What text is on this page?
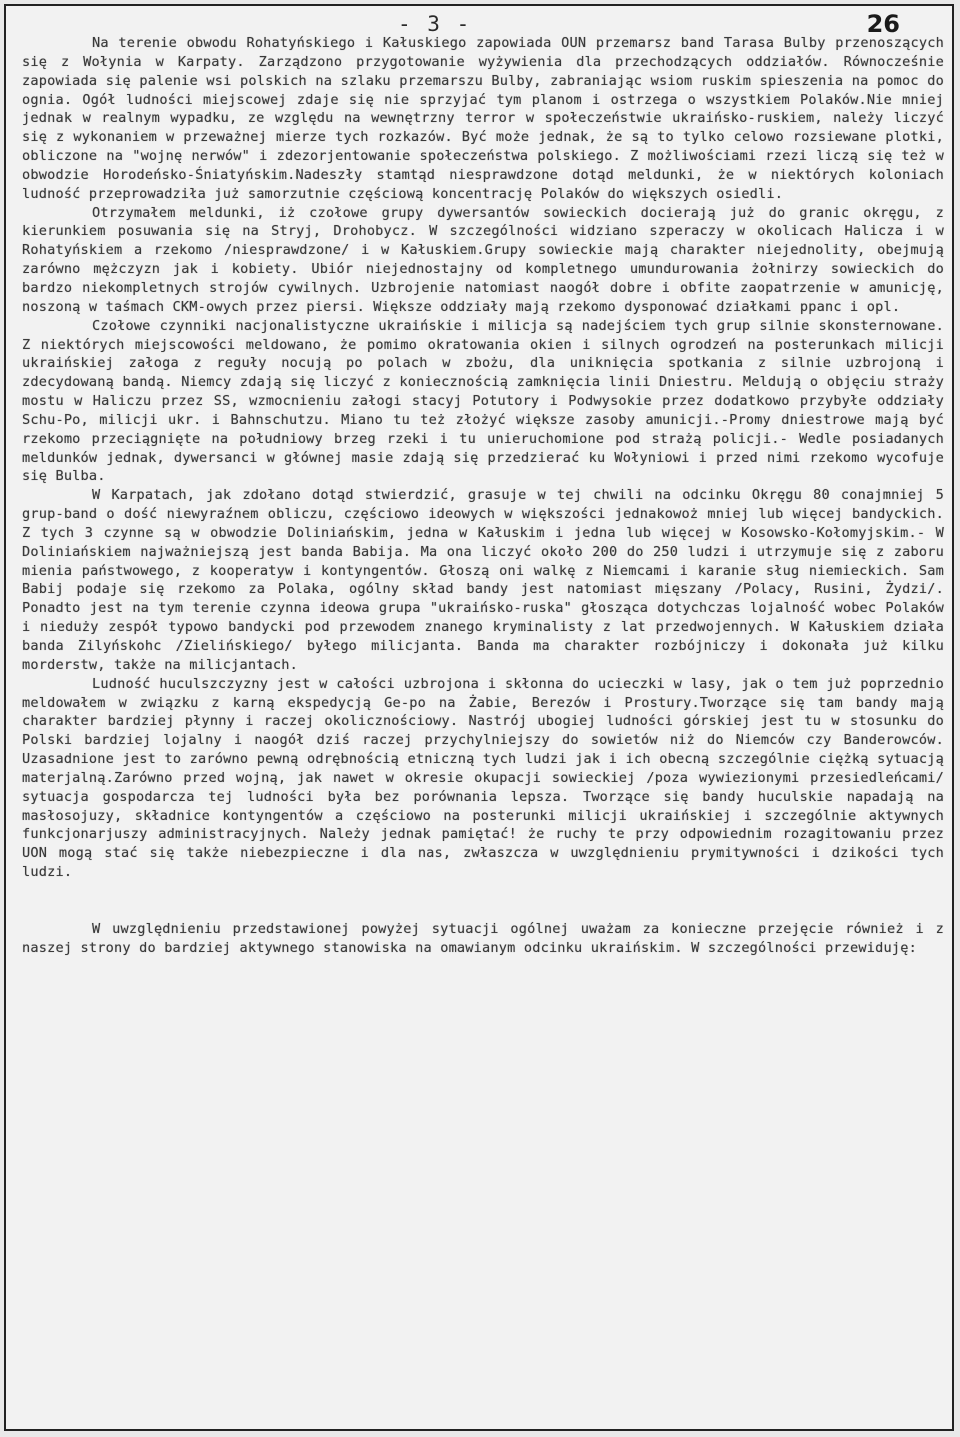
- 3 -	26

Na terenie obwodu Rohatyńskiego i Kałuskiego zapowiada OUN przemarsz band Tarasa Bulby przenoszących się z Wołynia w Karpaty. Zarządzono przygotowanie wyżywienia dla przechodzących oddziałów. Równocześnie zapowiada się palenie wsi polskich na szlaku przemarszu Bulby, zabraniając wsiom ruskim spieszenia na pomoc do ognia. Ogół ludności miejscowej zdaje się nie sprzyjać tym planom i ostrzega o wszystkiem Polaków.Nie mniej jednak w realnym wypadku, ze względu na wewnętrzny terror w społeczeństwie ukraińsko-ruskiem, należy liczyć się z wykonaniem w przeważnej mierze tych rozkazów. Być może jednak, że są to tylko celowo rozsiewane plotki, obliczone na "wojnę nerwów" i zdezorjentowanie społeczeństwa polskiego. Z możliwościami rzezi liczą się też w obwodzie Horodeńsko-Śniatyńskim.Nadeszły stamtąd niesprawdzone dotąd meldunki, że w niektórych koloniach ludność przeprowadziła już samorzutnie częściową koncentrację Polaków do większych osiedli.

Otrzymałem meldunki, iż czołowe grupy dywersantów sowieckich docierają już do granic okręgu, z kierunkiem posuwania się na Stryj, Drohobycz. W szczególności widziano szperaczy w okolicach Halicza i w Rohatyńskiem a rzekomo /niesprawdzone/ i w Kałuskiem.Grupy sowieckie mają charakter niejednolity, obejmują zarówno mężczyzn jak i kobiety. Ubiór niejednostajny od kompletnego umundurowania żołnirzy sowieckich do bardzo niekompletnych strojów cywilnych. Uzbrojenie natomiast naogół dobre i obfite zaopatrzenie w amunicję, noszoną w taśmach CKM-owych przez piersi. Większe oddziały mają rzekomo dysponować działkami ppanc i opl.

Czołowe czynniki nacjonalistyczne ukraińskie i milicja są nadejściem tych grup silnie skonsternowane. Z niektórych miejscowości meldowano, że pomimo okratowania okien i silnych ogrodzeń na posterunkach milicji ukraińskiej załoga z reguły nocują po polach w zbożu, dla uniknięcia spotkania z silnie uzbrojoną i zdecydowaną bandą. Niemcy zdają się liczyć z koniecznością zamknięcia linii Dniestru. Meldują o objęciu straży mostu w Haliczu przez SS, wzmocnieniu załogi stacyj Potutory i Podwysokie przez dodatkowo przybyłe oddziały Schu-Po, milicji ukr. i Bahnschutzu. Miano tu też złożyć większe zasoby amunicji.-Promy dniestrowe mają być rzekomo przeciągnięte na południowy brzeg rzeki i tu unieruchomione pod strażą policji.- Wedle posiadanych meldunków jednak, dywersanci w głównej masie zdają się przedzierać ku Wołyniowi i przed nimi rzekomo wycofuje się Bulba.

W Karpatach, jak zdołano dotąd stwierdzić, grasuje w tej chwili na odcinku Okręgu 80 conajmniej 5 grup-band o dość niewyraźnem obliczu, częściowo ideowych w większości jednakowoż mniej lub więcej bandyckich. Z tych 3 czynne są w obwodzie Doliniańskim, jedna w Kałuskim i jedna lub więcej w Kosowsko-Kołomyjskim.- W Doliniańskiem najważniejszą jest banda Babija. Ma ona liczyć około 200 do 250 ludzi i utrzymuje się z zaboru mienia państwowego, z kooperatyw i kontyngentów. Głoszą oni walkę z Niemcami i karanie sług niemieckich. Sam Babij podaje się rzekomo za Polaka, ogólny skład bandy jest natomiast mięszany /Polacy, Rusini, Żydzi/. Ponadto jest na tym terenie czynna ideowa grupa "ukraińsko-ruska" głosząca dotychczas lojalność wobec Polaków i nieduży zespół typowo bandycki pod przewodem znanego kryminalisty z lat przedwojennych. W Kałuskiem działa banda Zilyńskohc /Zielińskiego/ byłego milicjanta. Banda ma charakter rozbójniczy i dokonała już kilku morderstw, także na milicjantach.

Ludność huculszczyzny jest w całości uzbrojona i skłonna do ucieczki w lasy, jak o tem już poprzednio meldowałem w związku z karną ekspedycją Ge-po na Żabie, Berezów i Prostury.Tworzące się tam bandy mają charakter bardziej płynny i raczej okolicznościowy. Nastrój ubogiej ludności górskiej jest tu w stosunku do Polski bardziej lojalny i naogół dziś raczej przychylniejszy do sowietów niż do Niemców czy Banderowców. Uzasadnione jest to zarówno pewną odrębnością etniczną tych ludzi jak i ich obecną szczególnie ciężką sytuacją materjalną.Zarówno przed wojną, jak nawet w okresie okupacji sowieckiej /poza wywiezionymi przesiedleńcami/ sytuacja gospodarcza tej ludności była bez porównania lepsza. Tworzące się bandy huculskie napadają na masłosojuzy, składnice kontyngentów a częściowo na posterunki milicji ukraińskiej i szczególnie aktywnych funkcjonarjuszy administracyjnych. Należy jednak pamiętać! że ruchy te przy odpowiednim rozagitowaniu przez UON mogą stać się także niebezpieczne i dla nas, zwłaszcza w uwzględnieniu prymitywności i dzikości tych ludzi.

W uwzględnieniu przedstawionej powyżej sytuacji ogólnej uważam za konieczne przejęcie również i z naszej strony do bardziej aktywnego stanowiska na omawianym odcinku ukraińskim. W szczególności przewiduję:
